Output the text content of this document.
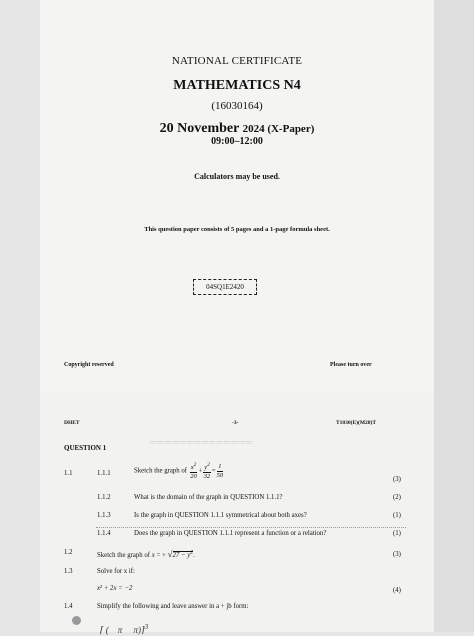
NATIONAL CERTIFICATE
MATHEMATICS N4
(16030164)
20 November 2024 (X-Paper)
09:00–12:00
Calculators may be used.
This question paper consists of 5 pages and a 1-page formula sheet.
04SQ1E2420
Copyright reserved	Please turn over
DHET	-3-	T1030(E)(M28)T
══════════════
QUESTION 1
1.1	1.1.1	Sketch the graph of $\frac{x^2}{20} + \frac{y^2}{32} = \frac{1}{50}$	(3)
1.1.2	What is the domain of the graph in QUESTION 1.1.1?	(2)
1.1.3	Is the graph in QUESTION 1.1.1 symmetrical about both axes?	(1)
1.1.4	Does the graph in QUESTION 1.1.1 represent a function or a relation?	(1)
1.2	Sketch the graph of x = + $√27 - y^2$.	(3)
1.3	Solve for x if:
x² + 2x = −2	(4)
1.4	Simplify the following and leave answer in a + jb form:
⌈ (    π     π)⌉$^3$
